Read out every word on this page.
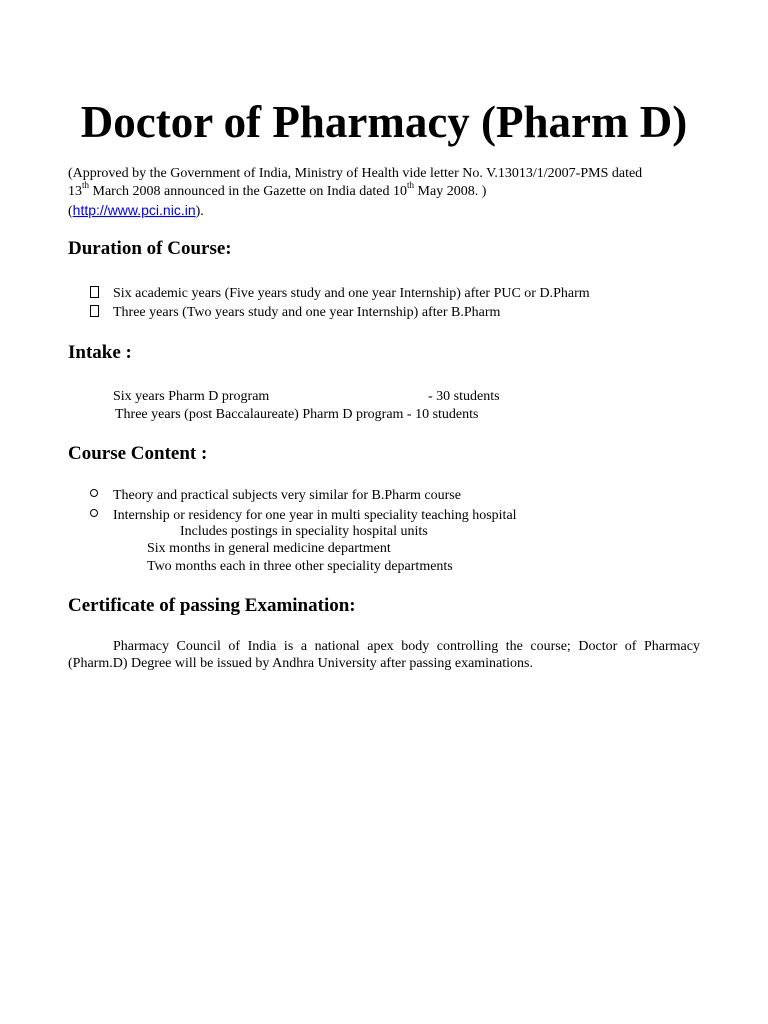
Doctor of Pharmacy (Pharm D)
(Approved by the Government of India, Ministry of Health vide letter No. V.13013/1/2007-PMS dated
13th March 2008 announced in the Gazette on India dated 10th May 2008. )
(http://www.pci.nic.in).
Duration of Course:
Six academic years (Five years study and one year Internship) after PUC or D.Pharm
Three years (Two years study and one year Internship) after B.Pharm
Intake :
Six years Pharm D program	- 30 students
Three years (post Baccalaureate) Pharm D program - 10 students
Course Content :
Theory and practical subjects very similar for B.Pharm course
Internship or residency for one year in multi speciality teaching hospital
Includes postings in speciality hospital units
Six months in general medicine department
Two months each in three other speciality departments
Certificate of passing Examination:
Pharmacy Council of India is a national apex body controlling the course; Doctor of Pharmacy (Pharm.D) Degree will be issued by Andhra University after passing examinations.
